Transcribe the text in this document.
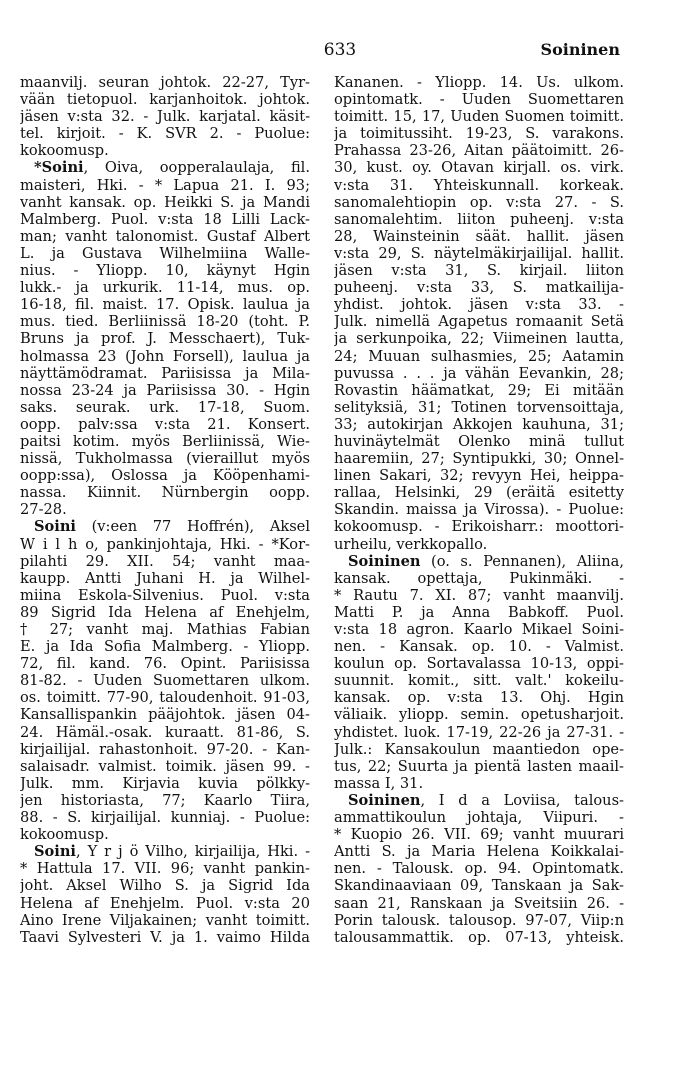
633	Soininen
maanvilj. seuran johtok. 22-27, Tyr-
vään tietopuol. karjanhoitok. johtok.
jäsen v:sta 32. - Julk. karjatal. käsit-
tel. kirjoit. - K. SVR 2. - Puolue:
kokoomusp.
*Soini, Oiva, oopperalaulaja, fil.
maisteri, Hki. - * Lapua 21. I. 93;
vanht kansak. op. Heikki S. ja Mandi
Malmberg. Puol. v:sta 18 Lilli Lack-
man; vanht talonomist. Gustaf Albert
L. ja Gustava Wilhelmiina Walle-
nius. - Yliopp. 10, käynyt Hgin
lukk.- ja urkurik. 11-14, mus. op.
16-18, fil. maist. 17. Opisk. laulua ja
mus. tied. Berliinissä 18-20 (toht. P.
Bruns ja prof. J. Messchaert), Tuk-
holmassa 23 (John Forsell), laulua ja
näyttämödramat. Pariisissa ja Mila-
nossa 23-24 ja Pariisissa 30. - Hgin
saks. seurak. urk. 17-18, Suom.
oopp. palv:ssa v:sta 21. Konsert.
paitsi kotim. myös Berliinissä, Wie-
nissä, Tukholmassa (vieraillut myös
oopp:ssa), Oslossa ja Kööpenhami-
nassa. Kiinnit. Nürnbergin oopp.
27-28.
Soini (v:een 77 Hoffrén), Aksel
W i l h o, pankinjohtaja, Hki. - *Kor-
pilahti 29. XII. 54; vanht maa-
kaupp. Antti Juhani H. ja Wilhel-
miina Eskola-Silvenius. Puol. v:sta
89 Sigrid Ida Helena af Enehjelm,
† 27; vanht maj. Mathias Fabian
E. ja Ida Sofia Malmberg. - Yliopp.
72, fil. kand. 76. Opint. Pariisissa
81-82. - Uuden Suomettaren ulkom.
os. toimitt. 77-90, taloudenhoit. 91-03,
Kansallispankin pääjohtok. jäsen 04-
24. Hämäl.-osak. kuraatt. 81-86, S.
kirjailijal. rahastonhoit. 97-20. - Kan-
salaisadr. valmist. toimik. jäsen 99. -
Julk. mm. Kirjavia kuvia pölkky-
jen historiasta, 77; Kaarlo Tiira,
88. - S. kirjailijal. kunniaj. - Puolue:
kokoomusp.
Soini, Y r j ö Vilho, kirjailija, Hki. -
* Hattula 17. VII. 96; vanht pankin-
joht. Aksel Wilho S. ja Sigrid Ida
Helena af Enehjelm. Puol. v:sta 20
Aino Irene Viljakainen; vanht toimitt.
Taavi Sylvesteri V. ja 1. vaimo Hilda
Kananen. - Yliopp. 14. Us. ulkom.
opintomatk. - Uuden Suomettaren
toimitt. 15, 17, Uuden Suomen toimitt.
ja toimitussiht. 19-23, S. varakons.
Prahassa 23-26, Aitan päätoimitt. 26-
30, kust. oy. Otavan kirjall. os. virk.
v:sta 31. Yhteiskunnall. korkeak.
sanomalehtiopin op. v:sta 27. - S.
sanomalehtim. liiton puheenj. v:sta
28, Wainsteinin säät. hallit. jäsen
v:sta 29, S. näytelmäkirjailijal. hallit.
jäsen v:sta 31, S. kirjail. liiton
puheenj. v:sta 33, S. matkailija-
yhdist. johtok. jäsen v:sta 33. -
Julk. nimellä Agapetus romaanit Setä
ja serkunpoika, 22; Viimeinen lautta,
24; Muuan sulhasmies, 25; Aatamin
puvussa . . . ja vähän Eevankin, 28;
Rovastin häämatkat, 29; Ei mitään
selityksiä, 31; Totinen torvensoittaja,
33; autokirjan Akkojen kauhuna, 31;
huvinäytelmät Olenko minä tullut
haaremiin, 27; Syntipukki, 30; Onnel-
linen Sakari, 32; revyyn Hei, heippa-
rallaa, Helsinki, 29 (eräitä esitetty
Skandin. maissa ja Virossa). - Puolue:
kokoomusp. - Erikoisharr.: moottori-
urheilu, verkkopallo.
Soininen (o. s. Pennanen), Aliina,
kansak. opettaja, Pukinmäki. -
* Rautu 7. XI. 87; vanht maanvilj.
Matti P. ja Anna Babkoff. Puol.
v:sta 18 agron. Kaarlo Mikael Soini-
nen. - Kansak. op. 10. - Valmist.
koulun op. Sortavalassa 10-13, oppi-
suunnit. komit., sitt. valt.' kokeilu-
kansak. op. v:sta 13. Ohj. Hgin
väliaik. yliopp. semin. opetusharjoit.
yhdistet. luok. 17-19, 22-26 ja 27-31. -
Julk.: Kansakoulun maantiedon ope-
tus, 22; Suurta ja pientä lasten maail-
massa I, 31.
Soininen, I d a Loviisa, talous-
ammattikoulun johtaja, Viipuri. -
* Kuopio 26. VII. 69; vanht muurari
Antti S. ja Maria Helena Koikkalai-
nen. - Talousk. op. 94. Opintomatk.
Skandinaaviaan 09, Tanskaan ja Sak-
saan 21, Ranskaan ja Sveitsiin 26. -
Porin talousk. talousop. 97-07, Viip:n
talousammattik. op. 07-13, yhteisk.
